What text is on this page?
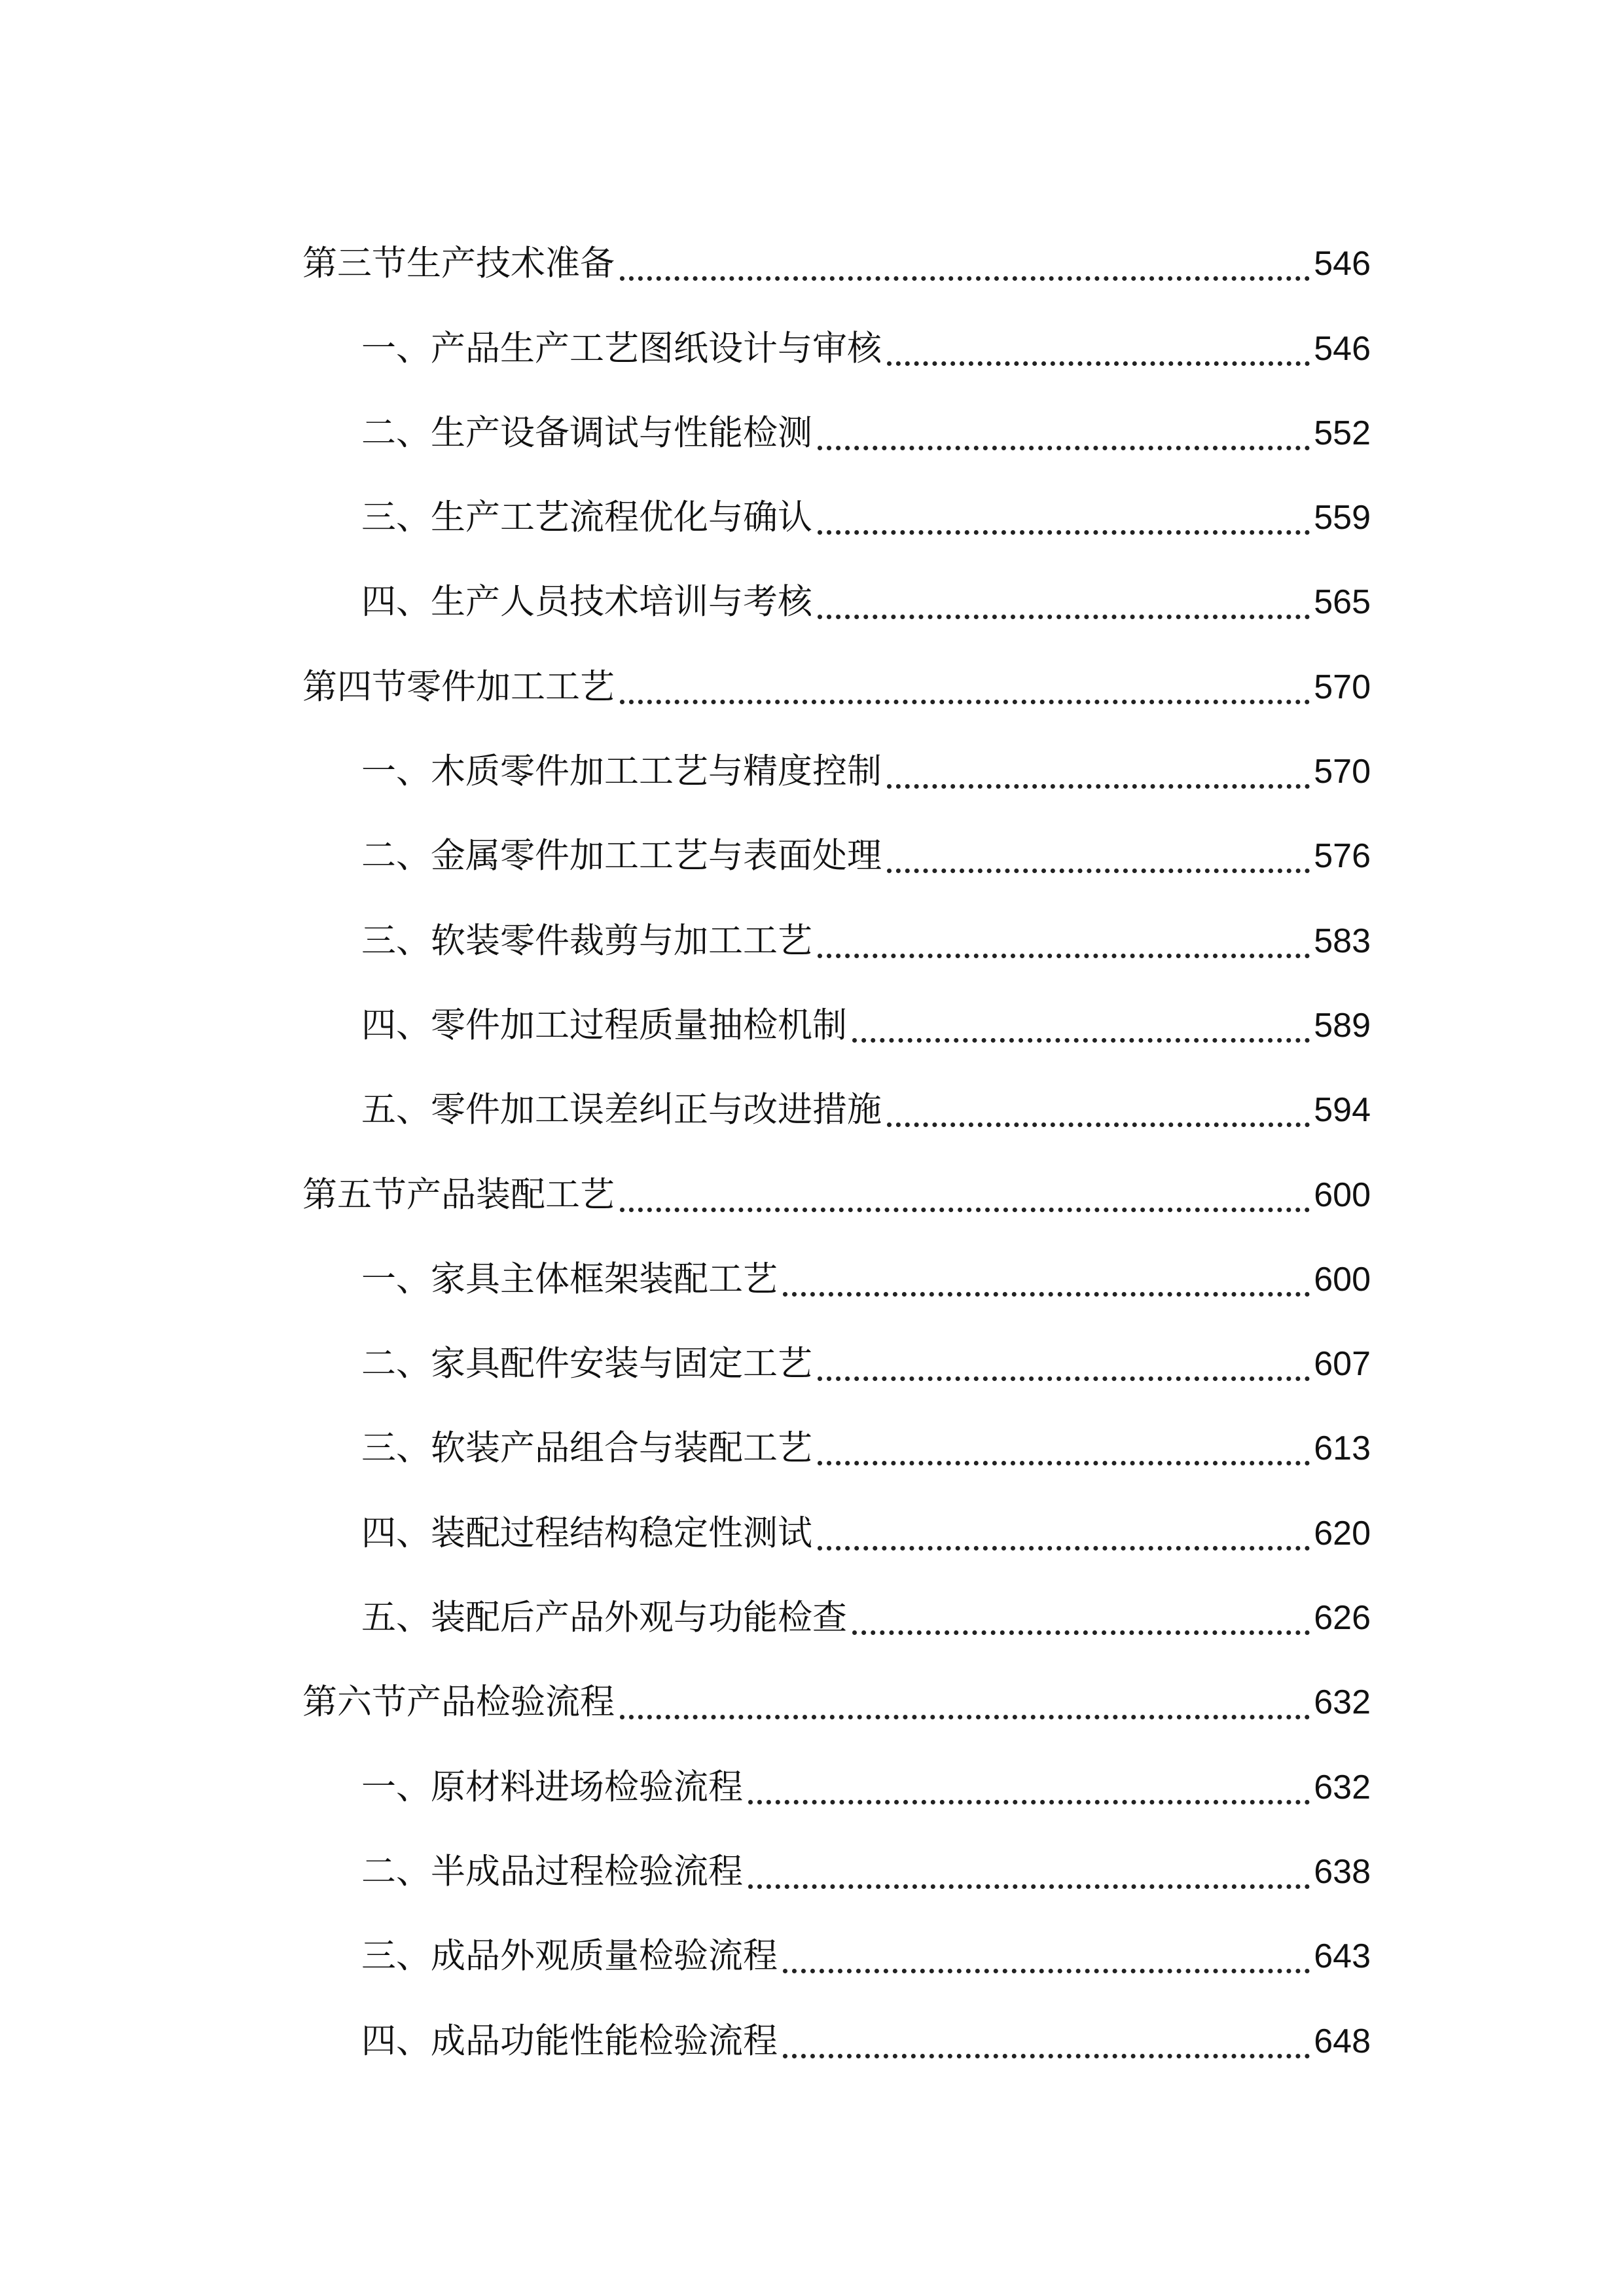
第三节生产技术准备	546
一、产品生产工艺图纸设计与审核	546
二、生产设备调试与性能检测	552
三、生产工艺流程优化与确认	559
四、生产人员技术培训与考核	565
第四节零件加工工艺	570
一、木质零件加工工艺与精度控制	570
二、金属零件加工工艺与表面处理	576
三、软装零件裁剪与加工工艺	583
四、零件加工过程质量抽检机制	589
五、零件加工误差纠正与改进措施	594
第五节产品装配工艺	600
一、家具主体框架装配工艺	600
二、家具配件安装与固定工艺	607
三、软装产品组合与装配工艺	613
四、装配过程结构稳定性测试	620
五、装配后产品外观与功能检查	626
第六节产品检验流程	632
一、原材料进场检验流程	632
二、半成品过程检验流程	638
三、成品外观质量检验流程	643
四、成品功能性能检验流程	648
